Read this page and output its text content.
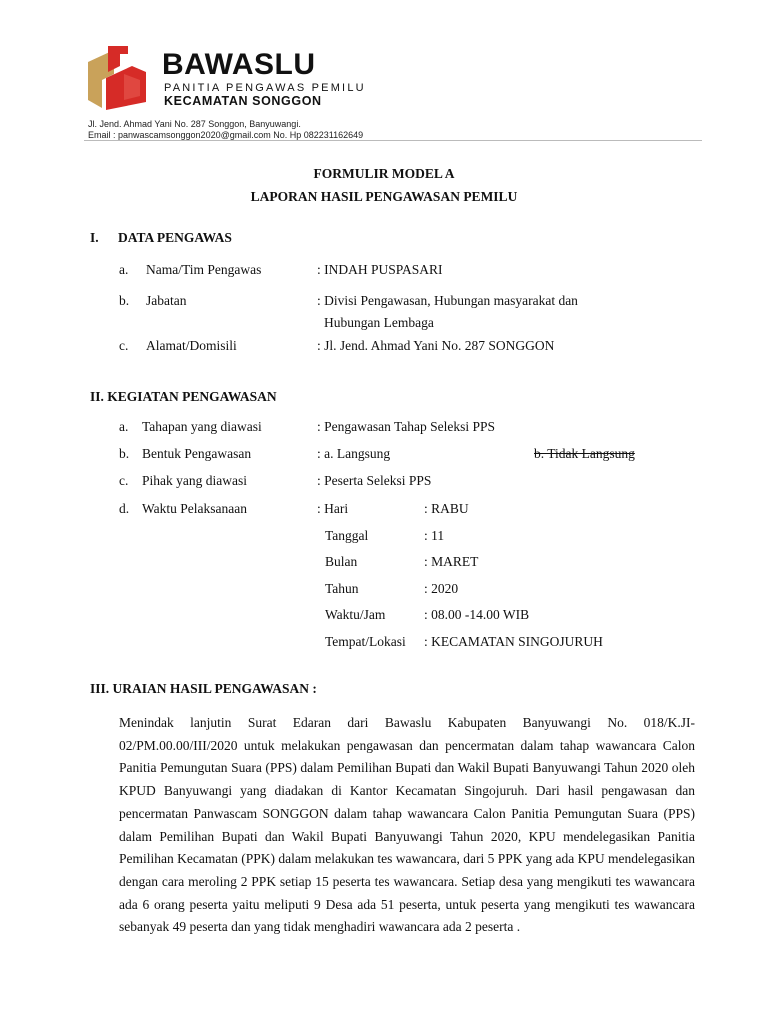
BAWASLU
PANITIA PENGAWAS PEMILU
KECAMATAN SONGGON
Jl. Jend. Ahmad Yani No. 287 Songgon, Banyuwangi.
Email : panwascamsonggon2020@gmail.com No. Hp 082231162649
FORMULIR MODEL A
LAPORAN HASIL PENGAWASAN PEMILU
I. DATA PENGAWAS
a. Nama/Tim Pengawas	: INDAH PUSPASARI
b. Jabatan	: Divisi Pengawasan, Hubungan masyarakat dan
Hubungan Lembaga
c. Alamat/Domisili	: Jl. Jend. Ahmad Yani No. 287 SONGGON
II. KEGIATAN PENGAWASAN
a. Tahapan yang diawasi	: Pengawasan Tahap Seleksi PPS
b. Bentuk Pengawasan	: a. Langsung	b. Tidak Langsung
c. Pihak yang diawasi	: Peserta Seleksi PPS
d. Waktu Pelaksanaan	: Hari	: RABU
Tanggal	: 11
Bulan	: MARET
Tahun	: 2020
Waktu/Jam	: 08.00 -14.00 WIB
Tempat/Lokasi : KECAMATAN SINGOJURUH
III. URAIAN HASIL PENGAWASAN :
Menindak lanjutin Surat Edaran dari Bawaslu Kabupaten Banyuwangi No. 018/K.JI-02/PM.00.00/III/2020 untuk melakukan pengawasan dan pencermatan dalam tahap wawancara Calon Panitia Pemungutan Suara (PPS) dalam Pemilihan Bupati dan Wakil Bupati Banyuwangi Tahun 2020 oleh KPUD Banyuwangi yang diadakan di Kantor Kecamatan Singojuruh. Dari hasil pengawasan dan pencermatan Panwascam SONGGON dalam tahap wawancara Calon Panitia Pemungutan Suara (PPS) dalam Pemilihan Bupati dan Wakil Bupati Banyuwangi Tahun 2020, KPU mendelegasikan Panitia Pemilihan Kecamatan (PPK) dalam melakukan tes wawancara, dari 5 PPK yang ada KPU mendelegasikan dengan cara meroling 2 PPK setiap 15 peserta tes wawancara. Setiap desa yang mengikuti tes wawancara ada 6 orang peserta yaitu meliputi 9 Desa ada 51 peserta, untuk peserta yang mengikuti tes wawancara sebanyak 49 peserta dan yang tidak menghadiri wawancara ada 2 peserta .
